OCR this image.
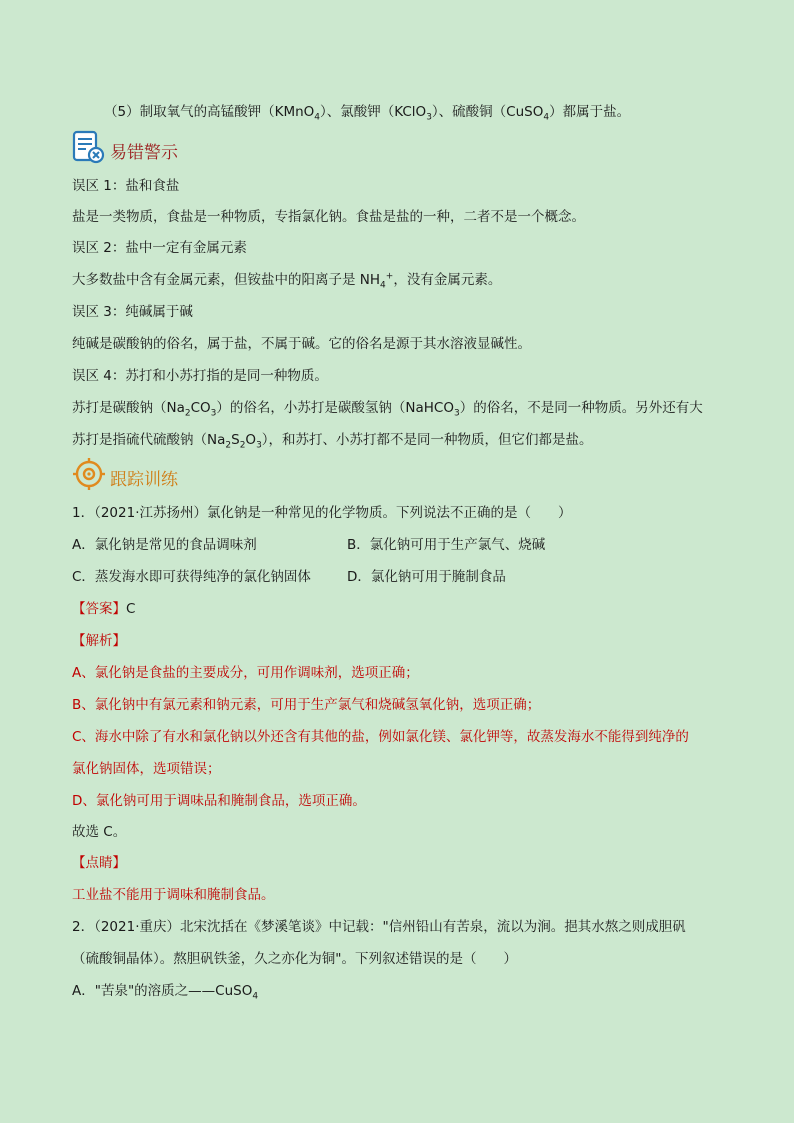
（5）制取氧气的高锰酸钾（KMnO$_4$）、氯酸钾（KClO$_3$）、硫酸铜（CuSO$_4$）都属于盐。
易错警示
误区 1：盐和食盐
盐是一类物质，食盐是一种物质，专指氯化钠。食盐是盐的一种，二者不是一个概念。
误区 2：盐中一定有金属元素
大多数盐中含有金属元素，但铵盐中的阳离子是 $NH_4^+$，没有金属元素。
误区 3：纯碱属于碱
纯碱是碳酸钠的俗名，属于盐，不属于碱。它的俗名是源于其水溶液显碱性。
误区 4：苏打和小苏打指的是同一种物质。
苏打是碳酸钠$(Na_2CO_3)$的俗名，小苏打是碳酸氢钠（NaHCO$_3$）的俗名，不是同一种物质。另外还有大
苏打是指硫代硫酸钠$(Na_2S_2O_3)$，和苏打、小苏打都不是同一种物质，但它们都是盐。
跟踪训练
1．（2021·江苏扬州）氯化钠是一种常见的化学物质。下列说法不正确的是（　　）
A．氯化钠是常见的食品调味剂	B．氯化钠可用于生产氯气、烧碱
C．蒸发海水即可获得纯净的氯化钠固体	D．氯化钠可用于腌制食品
【答案】C
【解析】
A、氯化钠是食盐的主要成分，可用作调味剂，选项正确；
B、氯化钠中有氯元素和钠元素，可用于生产氯气和烧碱氢氧化钠，选项正确；
C、海水中除了有水和氯化钠以外还含有其他的盐，例如氯化镁、氯化钾等，故蒸发海水不能得到纯净的
氯化钠固体，选项错误；
D、氯化钠可用于调味品和腌制食品，选项正确。
故选 C。
【点睛】
工业盐不能用于调味和腌制食品。
2．（2021·重庆）北宋沈括在《梦溪笔谈》中记载："信州铅山有苦泉，流以为涧。挹其水熬之则成胆矾
（硫酸铜晶体）。熬胆矾铁釜，久之亦化为铜"。下列叙述错误的是（　　）
A．"苦泉"的溶质之——CuSO$_4$
